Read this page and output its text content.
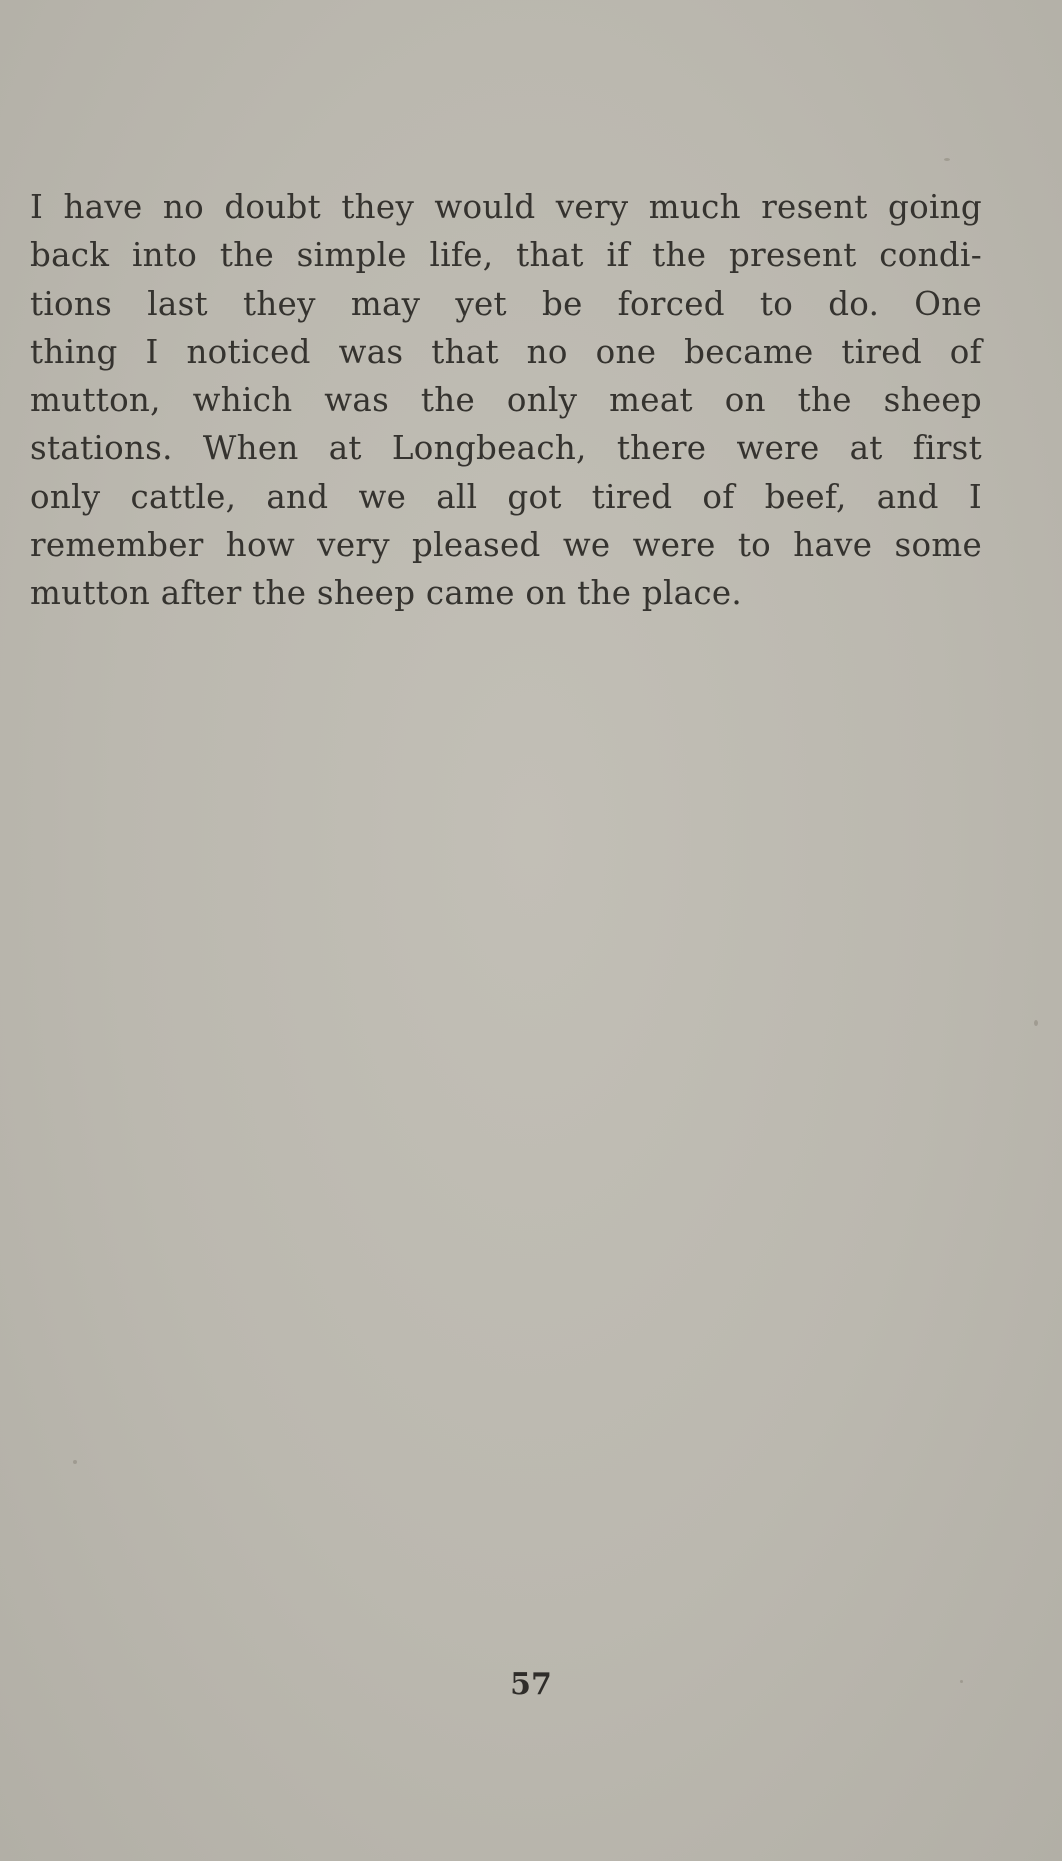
I have no doubt they would very much resent going
back into the simple life, that if the present condi-
tions last they may yet be forced to do. One
thing I noticed was that no one became tired of
mutton, which was the only meat on the sheep
stations. When at Longbeach, there were at first
only cattle, and we all got tired of beef, and I
remember how very pleased we were to have some
mutton after the sheep came on the place.

57
